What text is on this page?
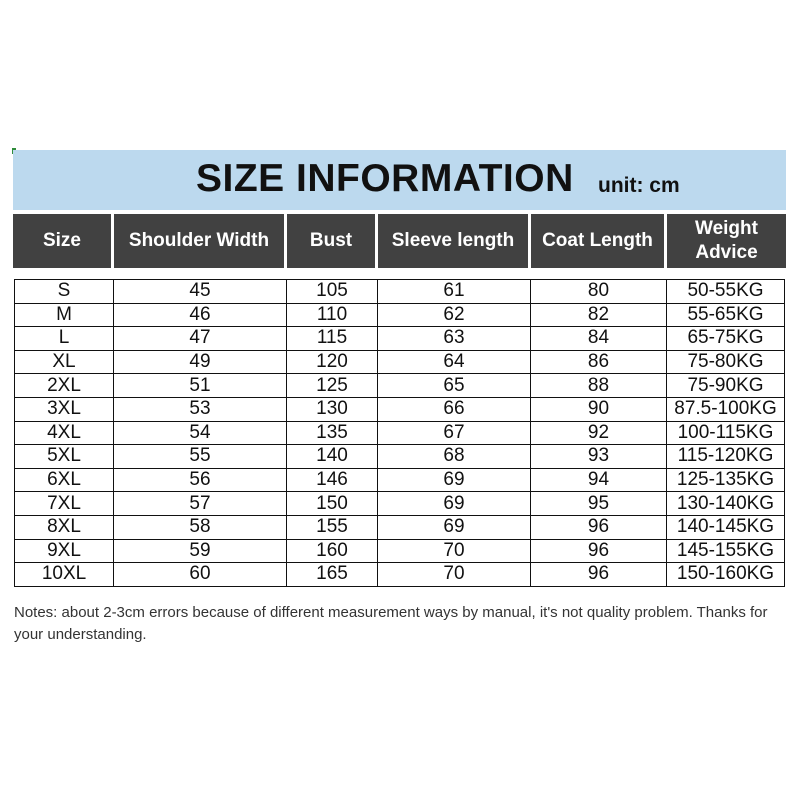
SIZE INFORMATION unit: cm
Size	Shoulder Width	Bust	Sleeve length	Coat Length
Weight
Advice
S	45	105	61	80	50-55KG
M	46	110	62	82	55-65KG
L	47	115	63	84	65-75KG
XL	49	120	64	86	75-80KG
2XL	51	125	65	88	75-90KG
3XL	53	130	66	90	87.5-100KG
4XL	54	135	67	92	100-115KG
5XL	55	140	68	93	115-120KG
6XL	56	146	69	94	125-135KG
7XL	57	150	69	95	130-140KG
8XL	58	155	69	96	140-145KG
9XL	59	160	70	96	145-155KG
10XL	60	165	70	96	150-160KG
Notes: about 2-3cm errors because of different measurement ways by manual, it's not quality problem. Thanks for your understanding.
